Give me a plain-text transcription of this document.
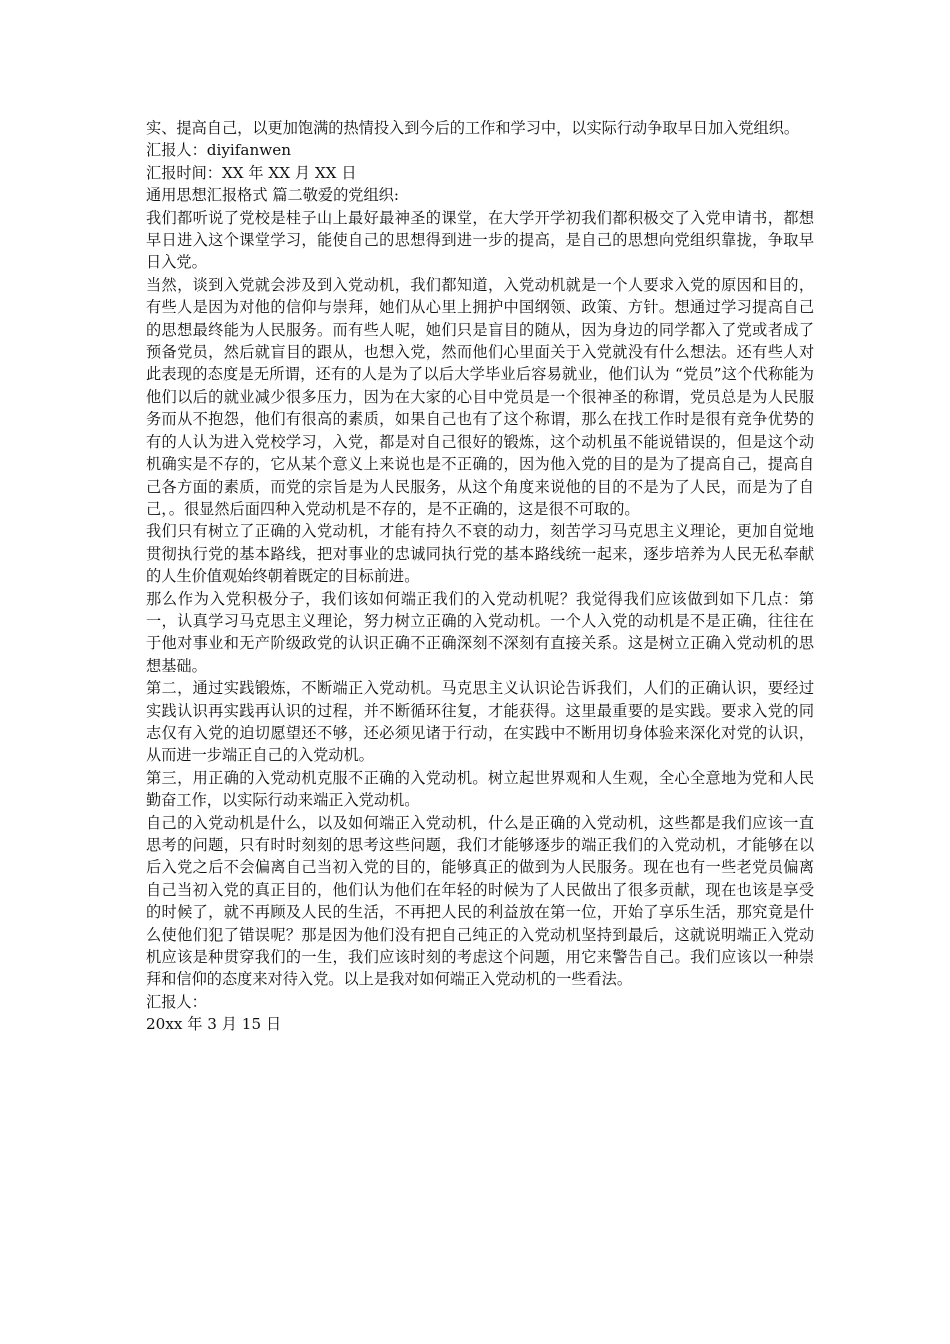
实、提高自己，以更加饱满的热情投入到今后的工作和学习中，以实际行动争取早日加入党组织。

汇报人：diyifanwen

汇报时间：XX 年 XX 月 XX 日

通用思想汇报格式 篇二敬爱的党组织:

我们都听说了党校是桂子山上最好最神圣的课堂，在大学开学初我们都积极交了入党申请书，都想早日进入这个课堂学习，能使自己的思想得到进一步的提高，是自己的思想向党组织靠拢，争取早日入党。

当然，谈到入党就会涉及到入党动机，我们都知道，入党动机就是一个人要求入党的原因和目的，有些人是因为对他的信仰与崇拜，她们从心里上拥护中国纲领、政策、方针。想通过学习提高自己的思想最终能为人民服务。而有些人呢，她们只是盲目的随从，因为身边的同学都入了党或者成了预备党员，然后就盲目的跟从，也想入党，然而他们心里面关于入党就没有什么想法。还有些人对此表现的态度是无所谓，还有的人是为了以后大学毕业后容易就业，他们认为 “党员”这个代称能为他们以后的就业减少很多压力，因为在大家的心目中党员是一个很神圣的称谓，党员总是为人民服务而从不抱怨，他们有很高的素质，如果自己也有了这个称谓，那么在找工作时是很有竞争优势的有的人认为进入党校学习，入党，都是对自己很好的锻炼，这个动机虽不能说错误的，但是这个动机确实是不存的，它从某个意义上来说也是不正确的，因为他入党的目的是为了提高自己，提高自己各方面的素质，而党的宗旨是为人民服务，从这个角度来说他的目的不是为了人民，而是为了自己，。很显然后面四种入党动机是不存的，是不正确的，这是很不可取的。

我们只有树立了正确的入党动机，才能有持久不衰的动力，刻苦学习马克思主义理论，更加自觉地贯彻执行党的基本路线，把对事业的忠诚同执行党的基本路线统一起来，逐步培养为人民无私奉献的人生价值观始终朝着既定的目标前进。

那么作为入党积极分子，我们该如何端正我们的入党动机呢？我觉得我们应该做到如下几点：第一，认真学习马克思主义理论，努力树立正确的入党动机。一个人入党的动机是不是正确，往往在于他对事业和无产阶级政党的认识正确不正确深刻不深刻有直接关系。这是树立正确入党动机的思想基础。

第二，通过实践锻炼，不断端正入党动机。马克思主义认识论告诉我们，人们的正确认识，要经过实践认识再实践再认识的过程，并不断循环往复，才能获得。这里最重要的是实践。要求入党的同志仅有入党的迫切愿望还不够，还必须见诸于行动，在实践中不断用切身体验来深化对党的认识，从而进一步端正自己的入党动机。

第三，用正确的入党动机克服不正确的入党动机。树立起世界观和人生观，全心全意地为党和人民勤奋工作，以实际行动来端正入党动机。

自己的入党动机是什么，以及如何端正入党动机，什么是正确的入党动机，这些都是我们应该一直思考的问题，只有时时刻刻的思考这些问题，我们才能够逐步的端正我们的入党动机，才能够在以后入党之后不会偏离自己当初入党的目的，能够真正的做到为人民服务。现在也有一些老党员偏离自己当初入党的真正目的，他们认为他们在年轻的时候为了人民做出了很多贡献，现在也该是享受的时候了，就不再顾及人民的生活，不再把人民的利益放在第一位，开始了享乐生活，那究竟是什么使他们犯了错误呢？那是因为他们没有把自己纯正的入党动机坚持到最后，这就说明端正入党动机应该是种贯穿我们的一生，我们应该时刻的考虑这个问题，用它来警告自己。我们应该以一种崇拜和信仰的态度来对待入党。以上是我对如何端正入党动机的一些看法。

汇报人：

20xx 年 3 月 15 日
